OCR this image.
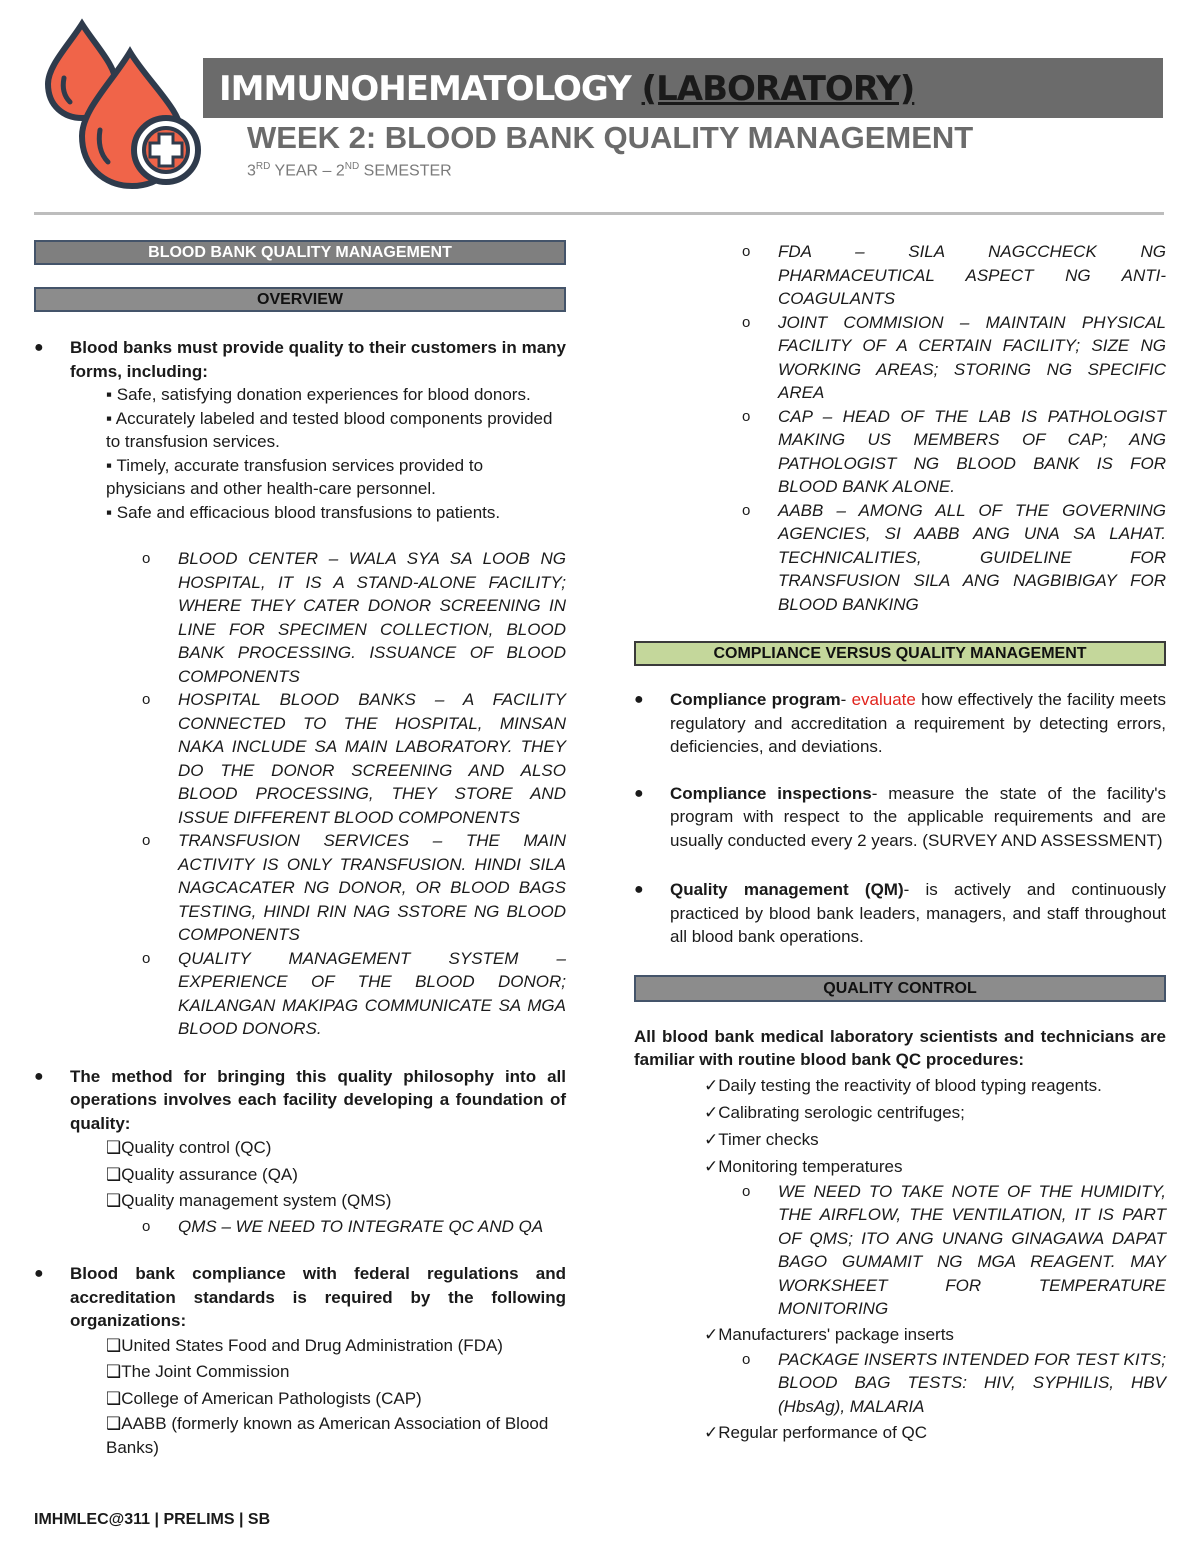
IMMUNOHEMATOLOGY (LABORATORY)
WEEK 2: BLOOD BANK QUALITY MANAGEMENT
3RD YEAR – 2ND SEMESTER
BLOOD BANK QUALITY MANAGEMENT
OVERVIEW
● Blood banks must provide quality to their customers in many forms, including:
▪ Safe, satisfying donation experiences for blood donors.
▪ Accurately labeled and tested blood components provided to transfusion services.
▪ Timely, accurate transfusion services provided to physicians and other health-care personnel.
▪ Safe and efficacious blood transfusions to patients.
o BLOOD CENTER – WALA SYA SA LOOB NG HOSPITAL, IT IS A STAND-ALONE FACILITY; WHERE THEY CATER DONOR SCREENING IN LINE FOR SPECIMEN COLLECTION, BLOOD BANK PROCESSING. ISSUANCE OF BLOOD COMPONENTS
o HOSPITAL BLOOD BANKS – A FACILITY CONNECTED TO THE HOSPITAL, MINSAN NAKA INCLUDE SA MAIN LABORATORY. THEY DO THE DONOR SCREENING AND ALSO BLOOD PROCESSING, THEY STORE AND ISSUE DIFFERENT BLOOD COMPONENTS
o TRANSFUSION SERVICES – THE MAIN ACTIVITY IS ONLY TRANSFUSION. HINDI SILA NAGCACATER NG DONOR, OR BLOOD BAGS TESTING, HINDI RIN NAG SSTORE NG BLOOD COMPONENTS
o QUALITY MANAGEMENT SYSTEM – EXPERIENCE OF THE BLOOD DONOR; KAILANGAN MAKIPAG COMMUNICATE SA MGA BLOOD DONORS.
● The method for bringing this quality philosophy into all operations involves each facility developing a foundation of quality:
❑Quality control (QC)
❑Quality assurance (QA)
❑Quality management system (QMS)
o QMS – WE NEED TO INTEGRATE QC AND QA
● Blood bank compliance with federal regulations and accreditation standards is required by the following organizations:
❑United States Food and Drug Administration (FDA)
❑The Joint Commission
❑College of American Pathologists (CAP)
❑AABB (formerly known as American Association of Blood Banks)
o FDA – SILA NAGCCHECK NG PHARMACEUTICAL ASPECT NG ANTI-COAGULANTS
o JOINT COMMISION – MAINTAIN PHYSICAL FACILITY OF A CERTAIN FACILITY; SIZE NG WORKING AREAS; STORING NG SPECIFIC AREA
o CAP – HEAD OF THE LAB IS PATHOLOGIST MAKING US MEMBERS OF CAP; ANG PATHOLOGIST NG BLOOD BANK IS FOR BLOOD BANK ALONE.
o AABB – AMONG ALL OF THE GOVERNING AGENCIES, SI AABB ANG UNA SA LAHAT. TECHNICALITIES, GUIDELINE FOR TRANSFUSION SILA ANG NAGBIBIGAY FOR BLOOD BANKING
COMPLIANCE VERSUS QUALITY MANAGEMENT
● Compliance program- evaluate how effectively the facility meets regulatory and accreditation a requirement by detecting errors, deficiencies, and deviations.
● Compliance inspections- measure the state of the facility's program with respect to the applicable requirements and are usually conducted every 2 years. (SURVEY AND ASSESSMENT)
● Quality management (QM)- is actively and continuously practiced by blood bank leaders, managers, and staff throughout all blood bank operations.
QUALITY CONTROL
All blood bank medical laboratory scientists and technicians are familiar with routine blood bank QC procedures:
✓Daily testing the reactivity of blood typing reagents.
✓Calibrating serologic centrifuges;
✓Timer checks
✓Monitoring temperatures
o WE NEED TO TAKE NOTE OF THE HUMIDITY, THE AIRFLOW, THE VENTILATION, IT IS PART OF QMS; ITO ANG UNANG GINAGAWA DAPAT BAGO GUMAMIT NG MGA REAGENT. MAY WORKSHEET FOR TEMPERATURE MONITORING
✓Manufacturers' package inserts
o PACKAGE INSERTS INTENDED FOR TEST KITS; BLOOD BAG TESTS: HIV, SYPHILIS, HBV (HbsAg), MALARIA
✓Regular performance of QC
IMHMLEC@311 | PRELIMS | SB
